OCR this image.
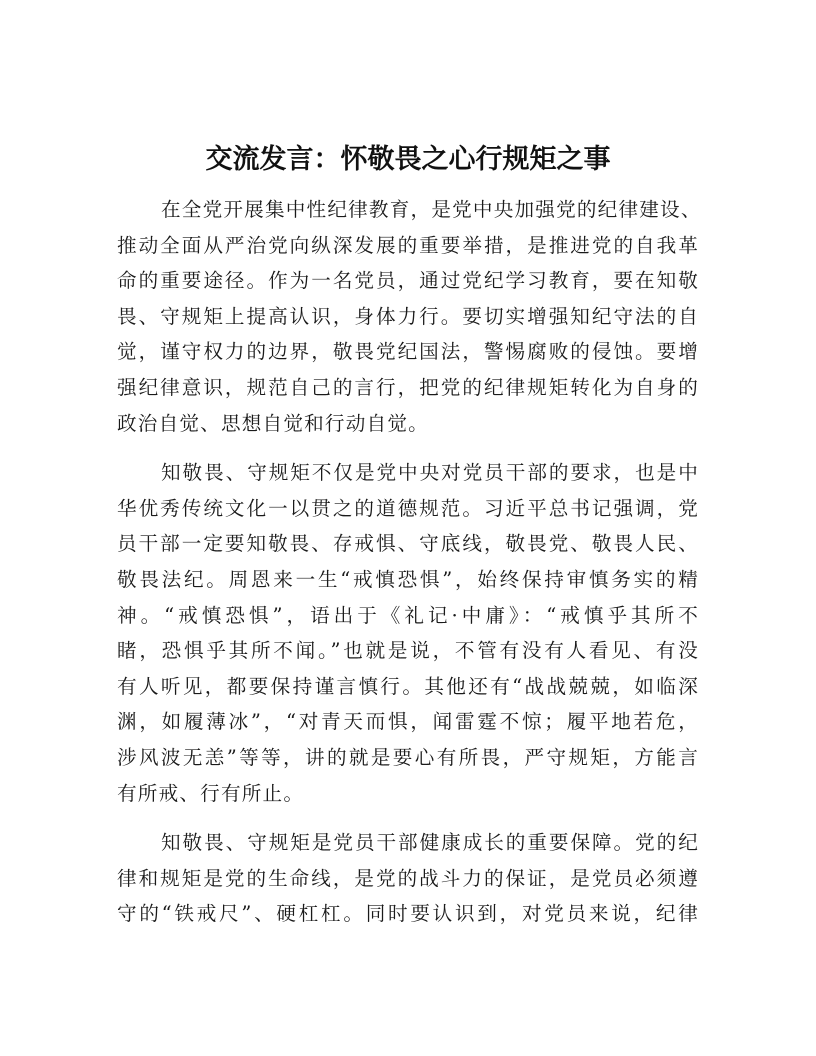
交流发言：怀敬畏之心行规矩之事

在全党开展集中性纪律教育，是党中央加强党的纪律建设、
推动全面从严治党向纵深发展的重要举措，是推进党的自我革
命的重要途径。作为一名党员，通过党纪学习教育，要在知敬
畏、守规矩上提高认识，身体力行。要切实增强知纪守法的自
觉，谨守权力的边界，敬畏党纪国法，警惕腐败的侵蚀。要增
强纪律意识，规范自己的言行，把党的纪律规矩转化为自身的
政治自觉、思想自觉和行动自觉。

知敬畏、守规矩不仅是党中央对党员干部的要求，也是中
华优秀传统文化一以贯之的道德规范。习近平总书记强调，党
员干部一定要知敬畏、存戒惧、守底线，敬畏党、敬畏人民、
敬畏法纪。周恩来一生“戒慎恐惧”，始终保持审慎务实的精
神。“戒慎恐惧”，语出于《礼记·中庸》：“戒慎乎其所不
睹，恐惧乎其所不闻。”也就是说，不管有没有人看见、有没
有人听见，都要保持谨言慎行。其他还有“战战兢兢，如临深
渊，如履薄冰”，“对青天而惧，闻雷霆不惊；履平地若危，
涉风波无恙”等等，讲的就是要心有所畏，严守规矩，方能言
有所戒、行有所止。

知敬畏、守规矩是党员干部健康成长的重要保障。党的纪
律和规矩是党的生命线，是党的战斗力的保证，是党员必须遵
守的“铁戒尺”、硬杠杠。同时要认识到，对党员来说，纪律
